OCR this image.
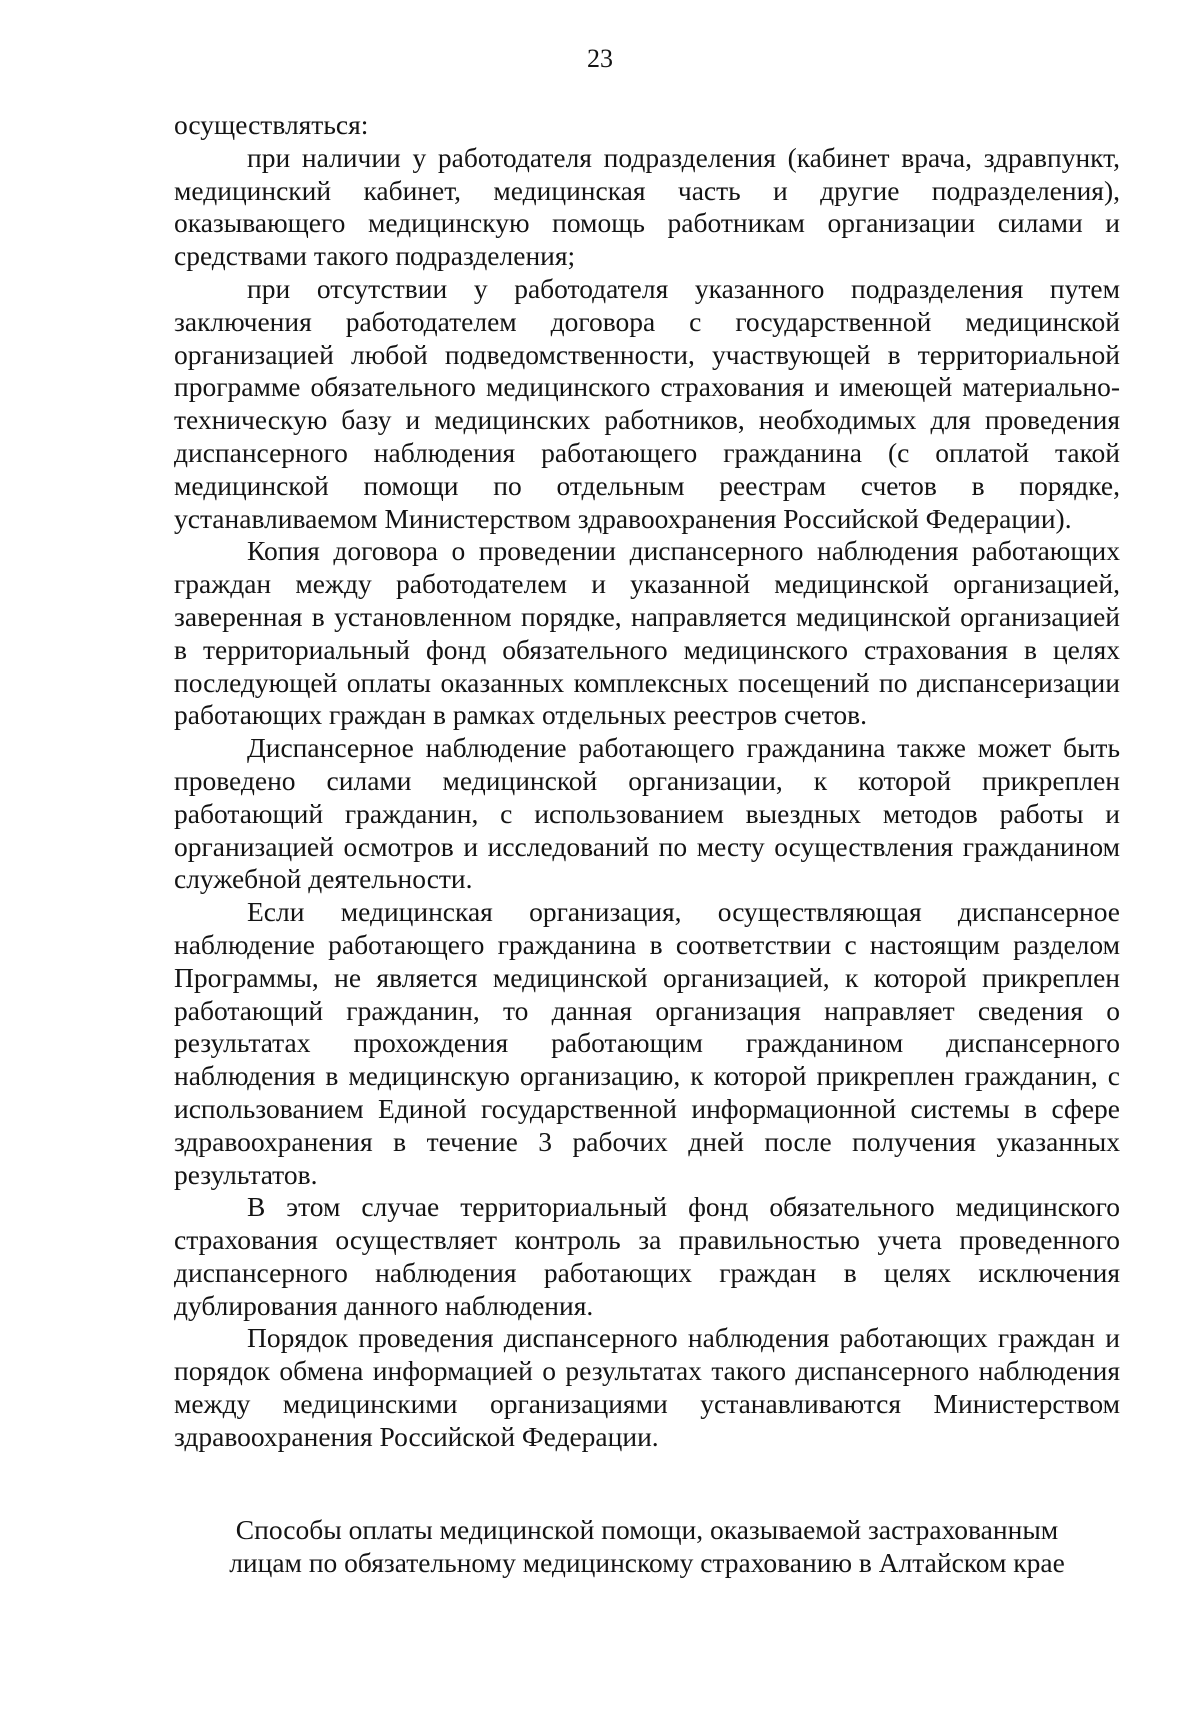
23

осуществляться:

при наличии у работодателя подразделения (кабинет врача, здравпункт, медицинский кабинет, медицинская часть и другие подразделения), оказывающего медицинскую помощь работникам организации силами и средствами такого подразделения;

при отсутствии у работодателя указанного подразделения путем заключения работодателем договора с государственной медицинской организацией любой подведомственности, участвующей в территориальной программе обязательного медицинского страхования и имеющей материально-техническую базу и медицинских работников, необходимых для проведения диспансерного наблюдения работающего гражданина (с оплатой такой медицинской помощи по отдельным реестрам счетов в порядке, устанавливаемом Министерством здравоохранения Российской Федерации).

Копия договора о проведении диспансерного наблюдения работающих граждан между работодателем и указанной медицинской организацией, заверенная в установленном порядке, направляется медицинской организацией в территориальный фонд обязательного медицинского страхования в целях последующей оплаты оказанных комплексных посещений по диспансеризации работающих граждан в рамках отдельных реестров счетов.

Диспансерное наблюдение работающего гражданина также может быть проведено силами медицинской организации, к которой прикреплен работающий гражданин, с использованием выездных методов работы и организацией осмотров и исследований по месту осуществления гражданином служебной деятельности.

Если медицинская организация, осуществляющая диспансерное наблюдение работающего гражданина в соответствии с настоящим разделом Программы, не является медицинской организацией, к которой прикреплен работающий гражданин, то данная организация направляет сведения о результатах прохождения работающим гражданином диспансерного наблюдения в медицинскую организацию, к которой прикреплен гражданин, с использованием Единой государственной информационной системы в сфере здравоохранения в течение 3 рабочих дней после получения указанных результатов.

В этом случае территориальный фонд обязательного медицинского страхования осуществляет контроль за правильностью учета проведенного диспансерного наблюдения работающих граждан в целях исключения дублирования данного наблюдения.

Порядок проведения диспансерного наблюдения работающих граждан и порядок обмена информацией о результатах такого диспансерного наблюдения между медицинскими организациями устанавливаются Министерством здравоохранения Российской Федерации.

Способы оплаты медицинской помощи, оказываемой застрахованным
лицам по обязательному медицинскому страхованию в Алтайском крае
